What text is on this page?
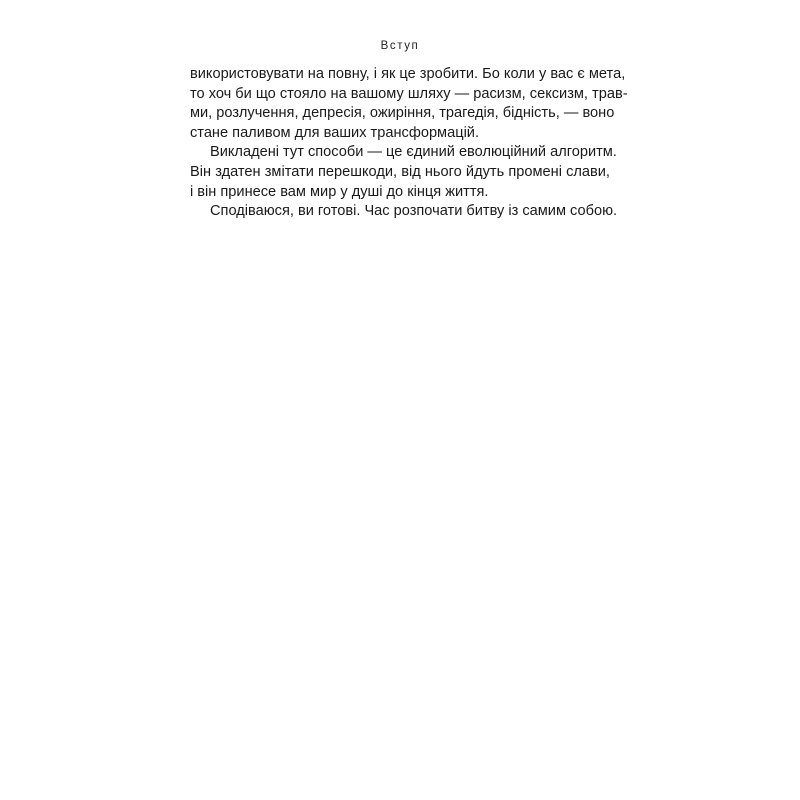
Вступ
використовувати на повну, і як це зробити. Бо коли у вас є мета,
то хоч би що стояло на вашому шляху — расизм, сексизм, трав-
ми, розлучення, депресія, ожиріння, трагедія, бідність, — воно
стане паливом для ваших трансформацій.
Викладені тут способи — це єдиний еволюційний алгоритм.
Він здатен змітати перешкоди, від нього йдуть промені слави,
і він принесе вам мир у душі до кінця життя.
Сподіваюся, ви готові. Час розпочати битву із самим собою.
